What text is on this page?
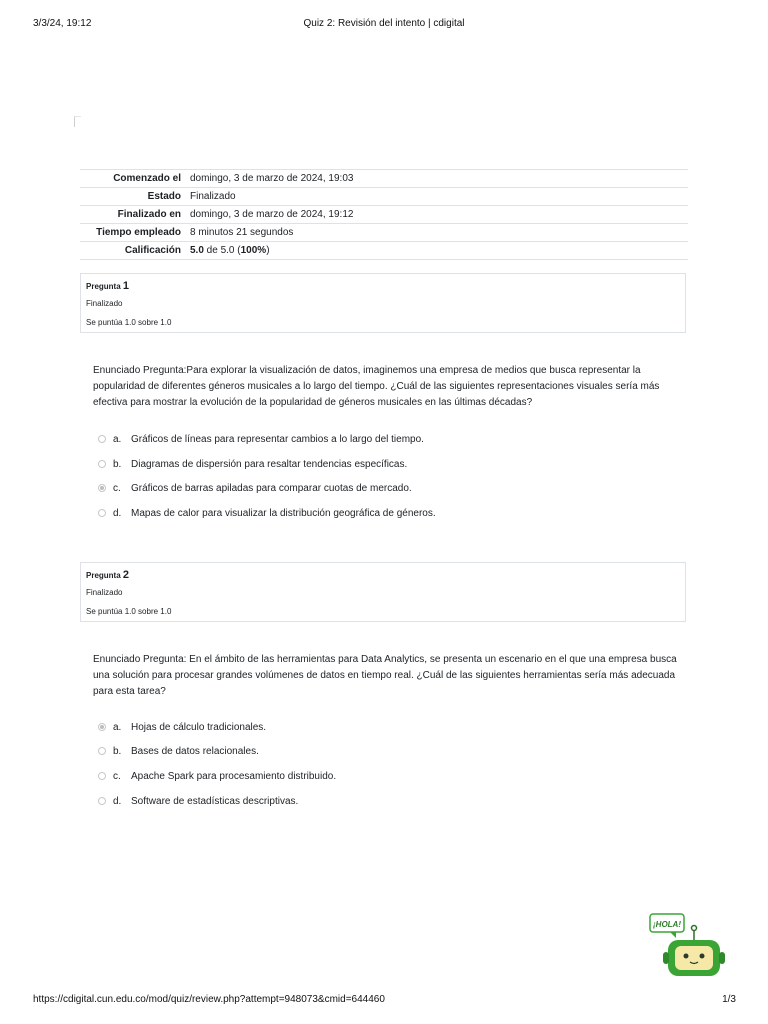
Quiz 2: Revisión del intento | cdigital
3/3/24, 19:12
Comenzado el	domingo, 3 de marzo de 2024, 19:03
Estado	Finalizado
Finalizado en	domingo, 3 de marzo de 2024, 19:12
Tiempo empleado	8 minutos 21 segundos
Calificación	5.0 de 5.0 (100%)
Pregunta 1
Finalizado
Se puntúa 1.0 sobre 1.0
Enunciado Pregunta:Para explorar la visualización de datos, imaginemos una empresa de medios que busca representar la popularidad de diferentes géneros musicales a lo largo del tiempo. ¿Cuál de las siguientes representaciones visuales sería más efectiva para mostrar la evolución de la popularidad de géneros musicales en las últimas décadas?
a. Gráficos de líneas para representar cambios a lo largo del tiempo.
b. Diagramas de dispersión para resaltar tendencias específicas.
c.	Gráficos de barras apiladas para comparar cuotas de mercado.
d. Mapas de calor para visualizar la distribución geográfica de géneros.
Pregunta 2
Finalizado
Se puntúa 1.0 sobre 1.0
Enunciado Pregunta: En el ámbito de las herramientas para Data Analytics, se presenta un escenario en el que una empresa busca una solución para procesar grandes volúmenes de datos en tiempo real. ¿Cuál de las siguientes herramientas sería más adecuada para esta tarea?
a. Hojas de cálculo tradicionales.
b. Bases de datos relacionales.
c.	Apache Spark para procesamiento distribuido.
d. Software de estadísticas descriptivas.
¡HOLA!
https://cdigital.cun.edu.co/mod/quiz/review.php?attempt=948073&cmid=644460	1/3
